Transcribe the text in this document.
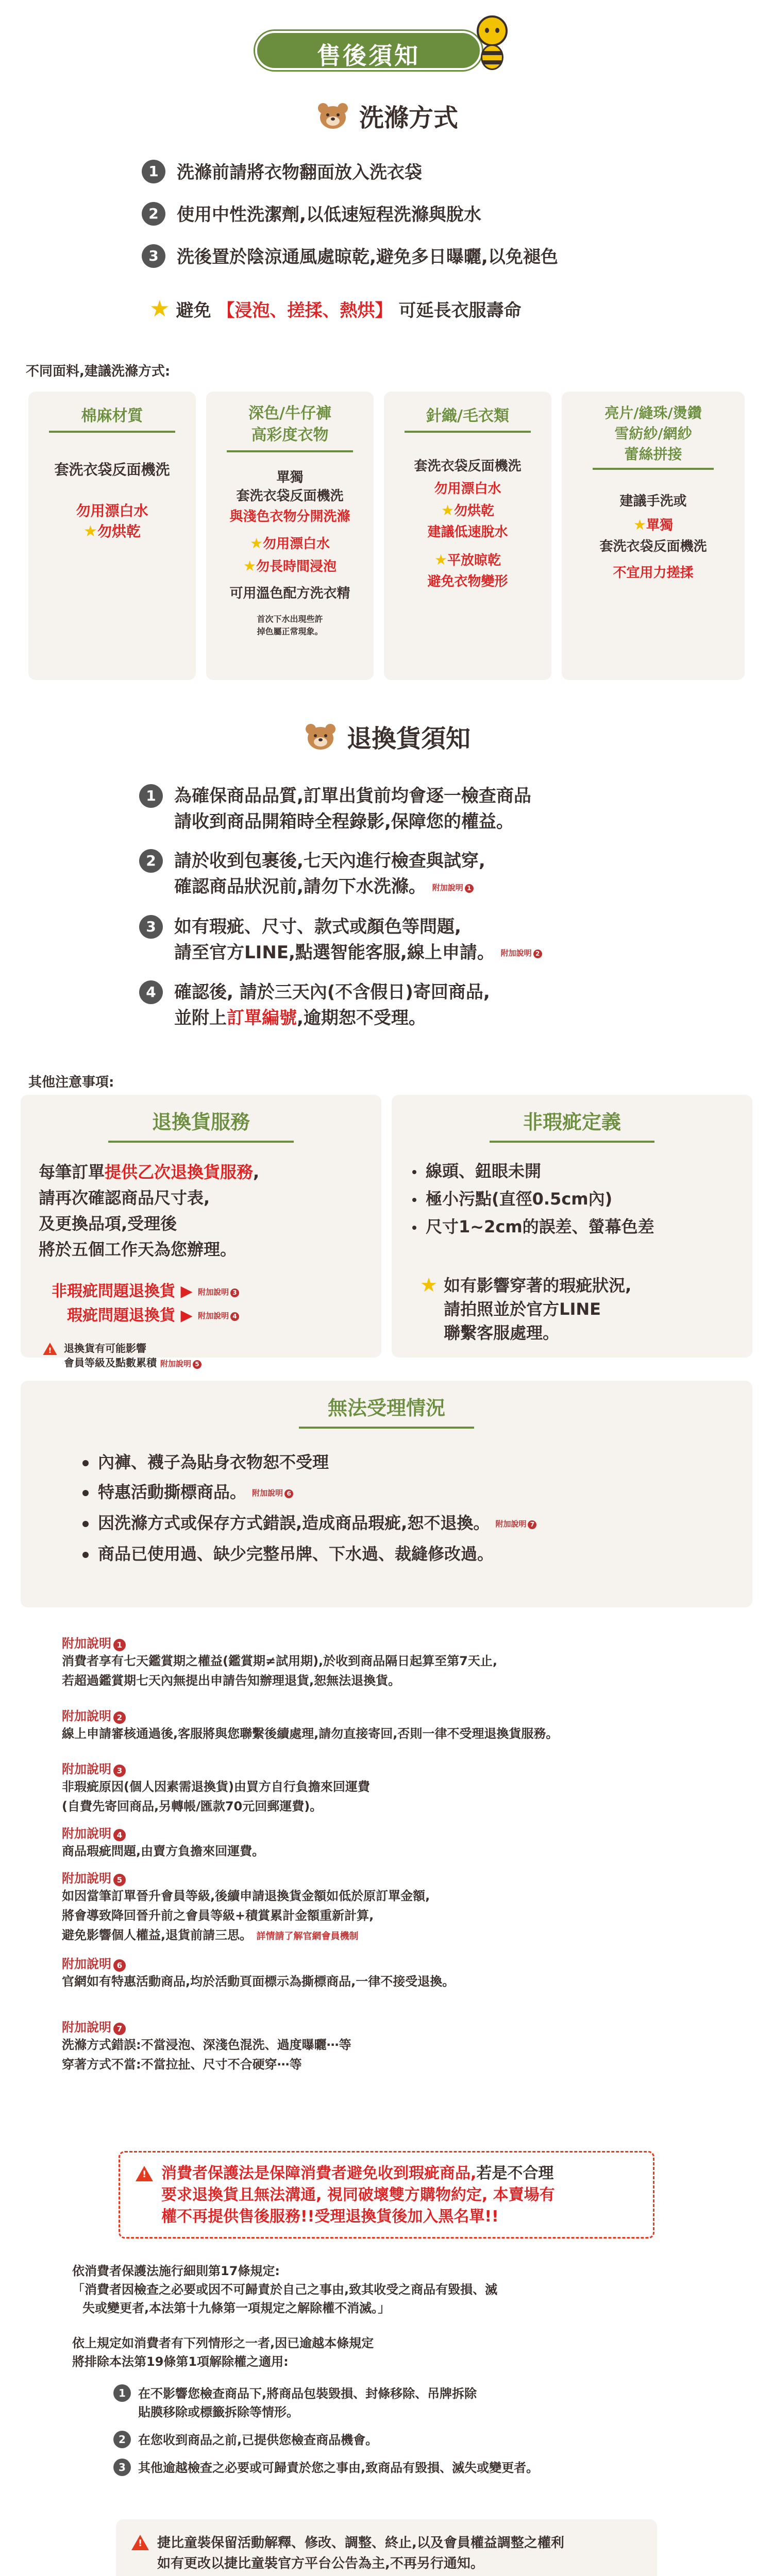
售後須知
洗滌方式
1	洗滌前請將衣物翻面放入洗衣袋
2	使用中性洗潔劑,以低速短程洗滌與脫水
3	洗後置於陰涼通風處晾乾,避免多日曝曬,以免褪色
★ 避免 【浸泡、搓揉、熱烘】 可延長衣服壽命
不同面料,建議洗滌方式:
棉麻材質
套洗衣袋反面機洗
勿用漂白水
★勿烘乾
深色/牛仔褲
高彩度衣物
單獨
套洗衣袋反面機洗
與淺色衣物分開洗滌
★勿用漂白水
★勿長時間浸泡
可用溫色配方洗衣精
首次下水出現些許
掉色屬正常現象。
針織/毛衣類
套洗衣袋反面機洗
勿用漂白水
★勿烘乾
建議低速脫水
★平放晾乾
避免衣物變形
亮片/縫珠/燙鑽
雪紡紗/網紗
蕾絲拼接
建議手洗或
★單獨
套洗衣袋反面機洗
不宜用力搓揉
退換貨須知
1	為確保商品品質,訂單出貨前均會逐一檢查商品
請收到商品開箱時全程錄影,保障您的權益。
2	請於收到包裹後,七天內進行檢查與試穿,
確認商品狀況前,請勿下水洗滌。 附加說明 1
3	如有瑕疵、尺寸、款式或顏色等問題,
請至官方LINE,點選智能客服,線上申請。 附加說明 2
4	確認後, 請於三天內(不含假日)寄回商品,
並附上訂單編號,逾期恕不受理。
其他注意事項:
退換貨服務
每筆訂單提供乙次退換貨服務,
請再次確認商品尺寸表,
及更換品項,受理後
將於五個工作天為您辦理。
非瑕疵問題退換貨 ▶ 附加說明 3
瑕疵問題退換貨 ▶ 附加說明 4
!
退換貨有可能影響
會員等級及點數累積 附加說明 5
非瑕疵定義
線頭、鈕眼未開
極小污點(直徑0.5cm內)
尺寸1~2cm的誤差、螢幕色差
★ 如有影響穿著的瑕疵狀況,
請拍照並於官方LINE
聯繫客服處理。
無法受理情況
內褲、襪子為貼身衣物恕不受理
特惠活動撕標商品。 附加說明 6
因洗滌方式或保存方式錯誤,造成商品瑕疵,恕不退換。 附加說明 7
商品已使用過、缺少完整吊牌、下水過、裁縫修改過。
附加說明 1
消費者享有七天鑑賞期之權益(鑑賞期≠試用期),於收到商品隔日起算至第7天止,
若超過鑑賞期七天內無提出申請告知辦理退貨,恕無法退換貨。
附加說明 2
線上申請審核通過後,客服將與您聯繫後續處理,請勿直接寄回,否則一律不受理退換貨服務。
附加說明 3
非瑕疵原因(個人因素需退換貨)由買方自行負擔來回運費
(自費先寄回商品,另轉帳/匯款70元回郵運費)。
附加說明 4
商品瑕疵問題,由賣方負擔來回運費。
附加說明 5
如因當筆訂單晉升會員等級,後續申請退換貨金額如低於原訂單金額,
將會導致降回晉升前之會員等級+積賞累計金額重新計算,
避免影響個人權益,退貨前請三思。 詳情請了解官網會員機制
附加說明 6
官網如有特惠活動商品,均於活動頁面標示為撕標商品,一律不接受退換。
附加說明 7
洗滌方式錯誤:不當浸泡、深淺色混洗、過度曝曬⋯等
穿著方式不當:不當拉扯、尺寸不合硬穿⋯等
!
消費者保護法是保障消費者避免收到瑕疵商品,若是不合理
要求退換貨且無法溝通, 視同破壞雙方購物約定, 本賣場有
權不再提供售後服務!!受理退換貨後加入黑名單!!
依消費者保護法施行細則第17條規定:
「消費者因檢查之必要或因不可歸責於自己之事由,致其收受之商品有毀損、滅
失或變更者,本法第十九條第一項規定之解除權不消滅。」
依上規定如消費者有下列情形之一者,因已逾越本條規定
將排除本法第19條第1項解除權之適用:
1	在不影響您檢查商品下,將商品包裝毀損、封條移除、吊牌拆除
貼膜移除或標籤拆除等情形。
2	在您收到商品之前,已提供您檢查商品機會。
3	其他逾越檢查之必要或可歸責於您之事由,致商品有毀損、滅失或變更者。
!
捷比童裝保留活動解釋、修改、調整、終止,以及會員權益調整之權利
如有更改以捷比童裝官方平台公告為主,不再另行通知。
